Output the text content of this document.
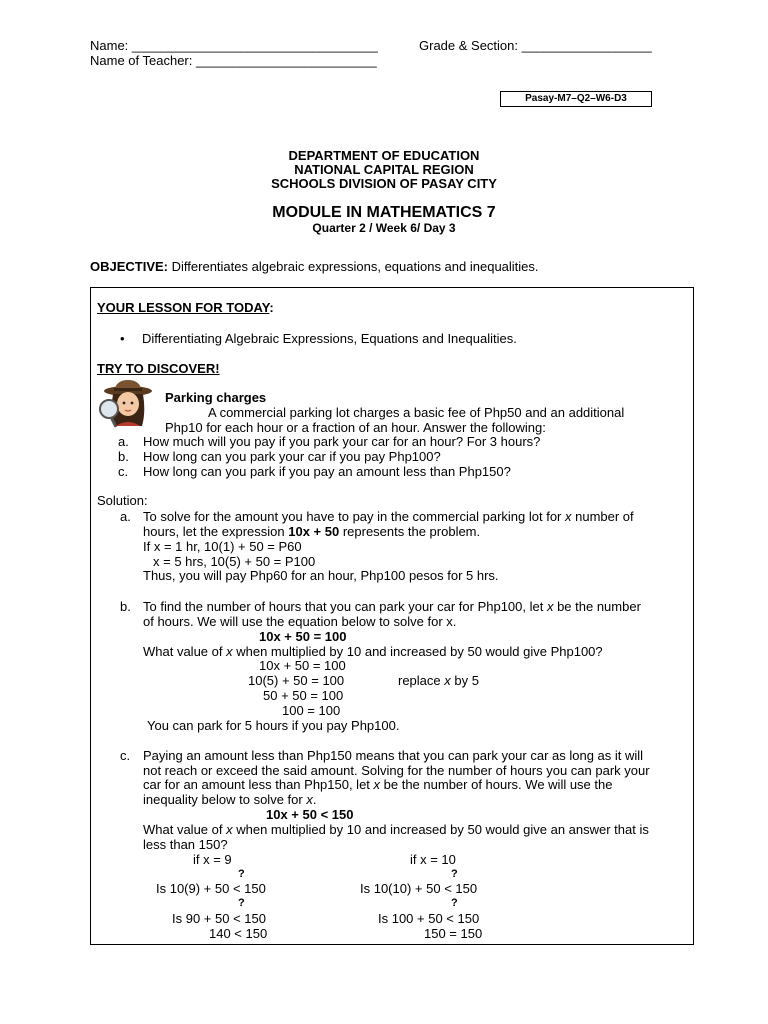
Name: __________________________________	Grade & Section: __________________
Name of Teacher: _________________________
Pasay-M7–Q2–W6-D3
DEPARTMENT OF EDUCATION
NATIONAL CAPITAL REGION
SCHOOLS DIVISION OF PASAY CITY
MODULE IN MATHEMATICS 7
Quarter 2 / Week 6/ Day 3
OBJECTIVE: Differentiates algebraic expressions, equations and inequalities.
YOUR LESSON FOR TODAY:
• Differentiating Algebraic Expressions, Equations and Inequalities.
TRY TO DISCOVER!
Parking charges
A commercial parking lot charges a basic fee of Php50 and an additional
Php10 for each hour or a fraction of an hour. Answer the following:
a. How much will you pay if you park your car for an hour? For 3 hours?
b. How long can you park your car if you pay Php100?
c. How long can you park if you pay an amount less than Php150?
Solution:
a. To solve for the amount you have to pay in the commercial parking lot for x number of
hours, let the expression 10x + 50 represents the problem.
If x = 1 hr, 10(1) + 50 = P60
x = 5 hrs, 10(5) + 50 = P100
Thus, you will pay Php60 for an hour, Php100 pesos for 5 hrs.
b. To find the number of hours that you can park your car for Php100, let x be the number
of hours. We will use the equation below to solve for x.
10x + 50 = 100
What value of x when multiplied by 10 and increased by 50 would give Php100?
10x + 50 = 100
10(5) + 50 = 100	replace x by 5
50 + 50 = 100
100 = 100
You can park for 5 hours if you pay Php100.
c. Paying an amount less than Php150 means that you can park your car as long as it will
not reach or exceed the said amount. Solving for the number of hours you can park your
car for an amount less than Php150, let x be the number of hours. We will use the
inequality below to solve for x.
10x + 50 < 150
What value of x when multiplied by 10 and increased by 50 would give an answer that is
less than 150?
if x = 9	if x = 10
?	?
Is 10(9) + 50 < 150	Is 10(10) + 50 < 150
?	?
Is 90 + 50 < 150	Is 100 + 50 < 150
140 < 150	150 = 150
